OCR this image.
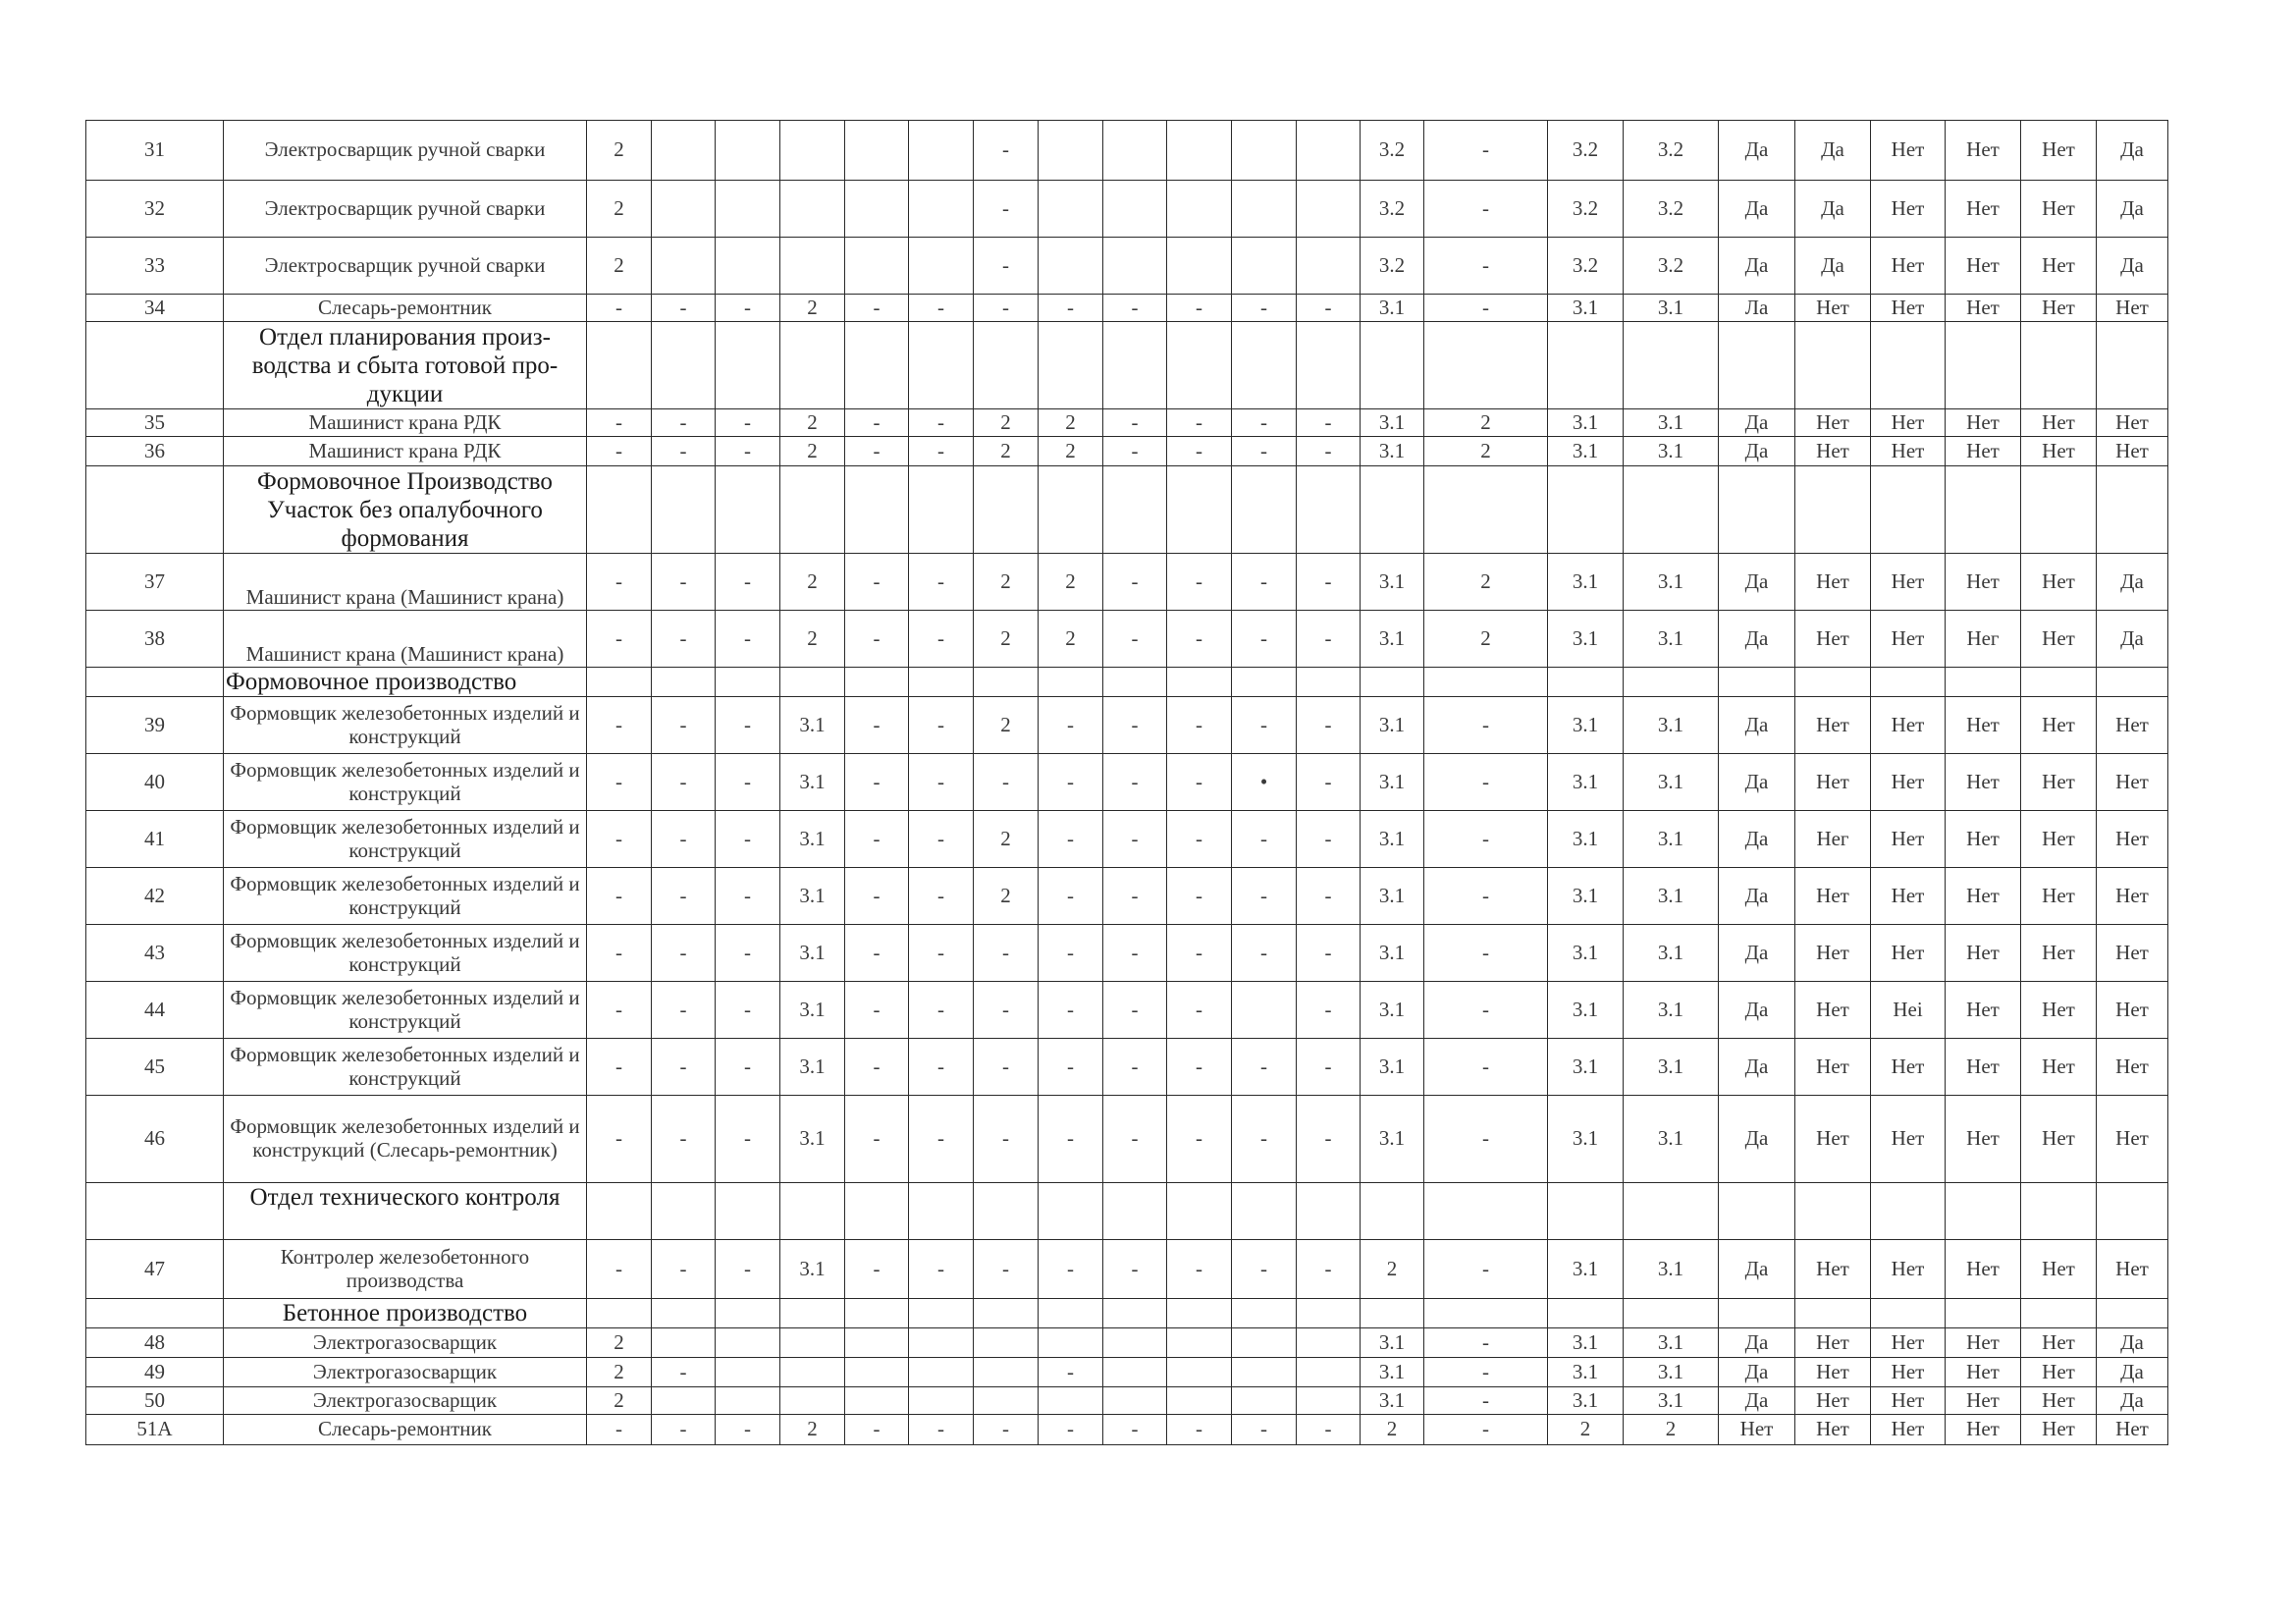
31	Электросварщик ручной сварки	2						-						3.2	-	3.2	3.2	Да	Да	Нет	Нет	Нет	Да
32	Электросварщик ручной сварки	2						-						3.2	-	3.2	3.2	Да	Да	Нет	Нет	Нет	Да
33	Электросварщик ручной сварки	2						-						3.2	-	3.2	3.2	Да	Да	Нет	Нет	Нет	Да
34	Слесарь-ремонтник	-	-	-	2	-	-	-	-	-	-	-	-	3.1	-	3.1	3.1	Ла	Нет	Нет	Нет	Нет	Нет
	Отдел планирования произ-водства и сбыта готовой про-дукции																						
35	Машинист крана РДК	-	-	-	2	-	-	2	2	-	-	-	-	3.1	2	3.1	3.1	Да	Нет	Нет	Нет	Нет	Нет
36	Машинист крана РДК	-	-	-	2	-	-	2	2	-	-	-	-	3.1	2	3.1	3.1	Да	Нет	Нет	Нет	Нет	Нет
	Формовочное Производство Участок без опалубочного формования																						
37	Машинист крана (Машинист крана)	-	-	-	2	-	-	2	2	-	-	-	-	3.1	2	3.1	3.1	Да	Нет	Нет	Нет	Нет	Да
38	Машинист крана (Машинист крана)	-	-	-	2	-	-	2	2	-	-	-	-	3.1	2	3.1	3.1	Да	Нет	Нет	Нег	Нет	Да
	Формовочное производство																						
39	Формовщик железобетонных изделий и конструкций	-	-	-	3.1	-	-	2	-	-	-	-	-	3.1	-	3.1	3.1	Да	Нет	Нет	Нет	Нет	Нет
40	Формовщик железобетонных изделий и конструкций	-	-	-	3.1	-	-	-	-	-	-	•	-	3.1	-	3.1	3.1	Да	Нет	Нет	Нет	Нет	Нет
41	Формовщик железобетонных изделий и конструкций	-	-	-	3.1	-	-	2	-	-	-	-	-	3.1	-	3.1	3.1	Да	Нег	Нет	Нет	Нет	Нет
42	Формовщик железобетонных изделий и конструкций	-	-	-	3.1	-	-	2	-	-	-	-	-	3.1	-	3.1	3.1	Да	Нет	Нет	Нет	Нет	Нет
43	Формовщик железобетонных изделий и конструкций	-	-	-	3.1	-	-	-	-	-	-	-	-	3.1	-	3.1	3.1	Да	Нет	Нет	Нет	Нет	Нет
44	Формовщик железобетонных изделий и конструкций	-	-	-	3.1	-	-	-	-	-	-		-	3.1	-	3.1	3.1	Да	Нет	Hei	Нет	Нет	Нет
45	Формовщик железобетонных изделий и конструкций	-	-	-	3.1	-	-	-	-	-	-	-	-	3.1	-	3.1	3.1	Да	Нет	Нет	Нет	Нет	Нет
46	Формовщик железобетонных изделий и конструкций (Слесарь-ремонтник)	-	-	-	3.1	-	-	-	-	-	-	-	-	3.1	-	3.1	3.1	Да	Нет	Нет	Нет	Нет	Нет
	Отдел технического контроля																						
47	Контролер железобетонного производства	-	-	-	3.1	-	-	-	-	-	-	-	-	2	-	3.1	3.1	Да	Нет	Нет	Нет	Нет	Нет
	Бетонное производство																						
48	Электрогазосварщик	2												3.1	-	3.1	3.1	Да	Нет	Нет	Нет	Нет	Да
49	Электрогазосварщик	2	-						-					3.1	-	3.1	3.1	Да	Нет	Нет	Нет	Нет	Да
50	Электрогазосварщик	2												3.1	-	3.1	3.1	Да	Нет	Нет	Нет	Нет	Да
51А	Слесарь-ремонтник	-	-	-	2	-	-	-	-	-	-	-	-	2	-	2	2	Нет	Нет	Нет	Нет	Нет	Нет
